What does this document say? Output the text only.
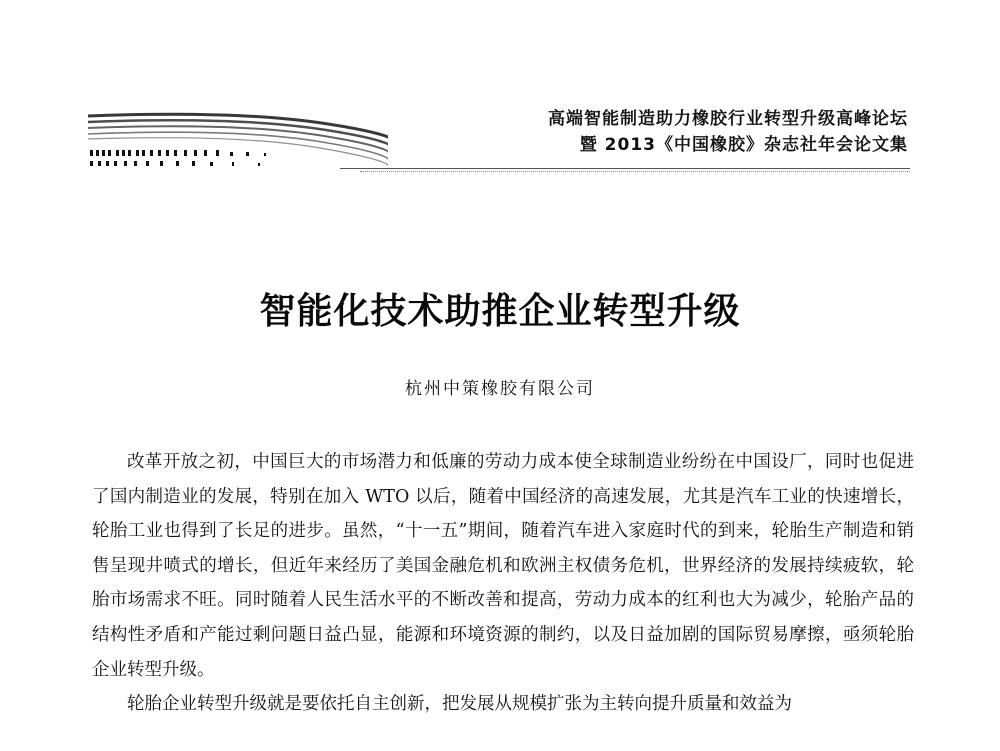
高端智能制造助力橡胶行业转型升级高峰论坛
暨 2013《中国橡胶》杂志社年会论文集
智能化技术助推企业转型升级
杭州中策橡胶有限公司

改革开放之初，中国巨大的市场潜力和低廉的劳动力成本使全球制造业纷纷在中国设厂，同时也促进了国内制造业的发展，特别在加入 WTO 以后，随着中国经济的高速发展，尤其是汽车工业的快速增长，轮胎工业也得到了长足的进步。虽然，“十一五”期间，随着汽车进入家庭时代的到来，轮胎生产制造和销售呈现井喷式的增长，但近年来经历了美国金融危机和欧洲主权债务危机，世界经济的发展持续疲软，轮胎市场需求不旺。同时随着人民生活水平的不断改善和提高，劳动力成本的红利也大为减少，轮胎产品的结构性矛盾和产能过剩问题日益凸显，能源和环境资源的制约，以及日益加剧的国际贸易摩擦，亟须轮胎企业转型升级。

轮胎企业转型升级就是要依托自主创新，把发展从规模扩张为主转向提升质量和效益为
